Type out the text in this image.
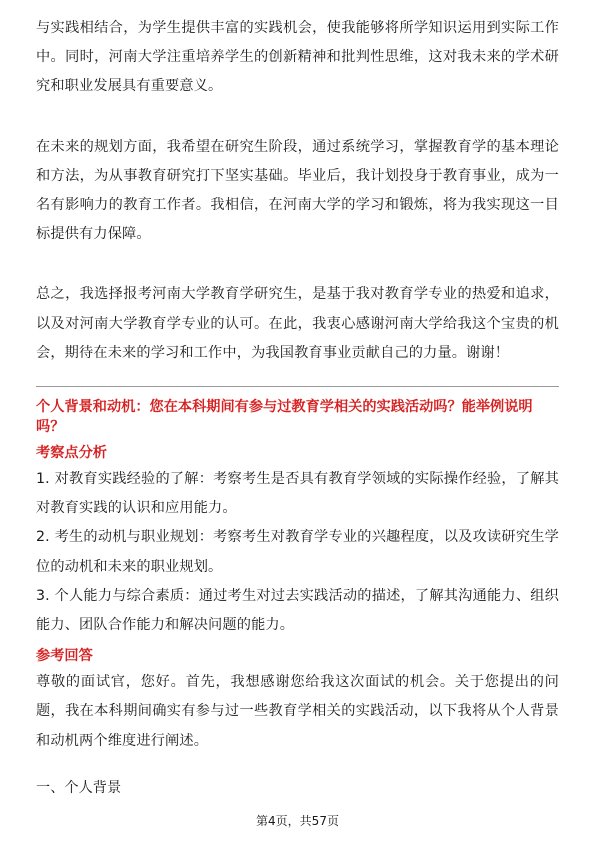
与实践相结合，为学生提供丰富的实践机会，使我能够将所学知识运用到实际工作中。同时，河南大学注重培养学生的创新精神和批判性思维，这对我未来的学术研究和职业发展具有重要意义。

在未来的规划方面，我希望在研究生阶段，通过系统学习，掌握教育学的基本理论和方法，为从事教育研究打下坚实基础。毕业后，我计划投身于教育事业，成为一名有影响力的教育工作者。我相信，在河南大学的学习和锻炼，将为我实现这一目标提供有力保障。

总之，我选择报考河南大学教育学研究生，是基于我对教育学专业的热爱和追求，以及对河南大学教育学专业的认可。在此，我衷心感谢河南大学给我这个宝贵的机会，期待在未来的学习和工作中，为我国教育事业贡献自己的力量。谢谢！

个人背景和动机：您在本科期间有参与过教育学相关的实践活动吗？能举例说明吗？

考察点分析

1. 对教育实践经验的了解：考察考生是否具有教育学领域的实际操作经验，了解其对教育实践的认识和应用能力。

2. 考生的动机与职业规划：考察考生对教育学专业的兴趣程度，以及攻读研究生学位的动机和未来的职业规划。

3. 个人能力与综合素质：通过考生对过去实践活动的描述，了解其沟通能力、组织能力、团队合作能力和解决问题的能力。

参考回答

尊敬的面试官，您好。首先，我想感谢您给我这次面试的机会。关于您提出的问题，我在本科期间确实有参与过一些教育学相关的实践活动，以下我将从个人背景和动机两个维度进行阐述。

一、个人背景

第4页，共57页
